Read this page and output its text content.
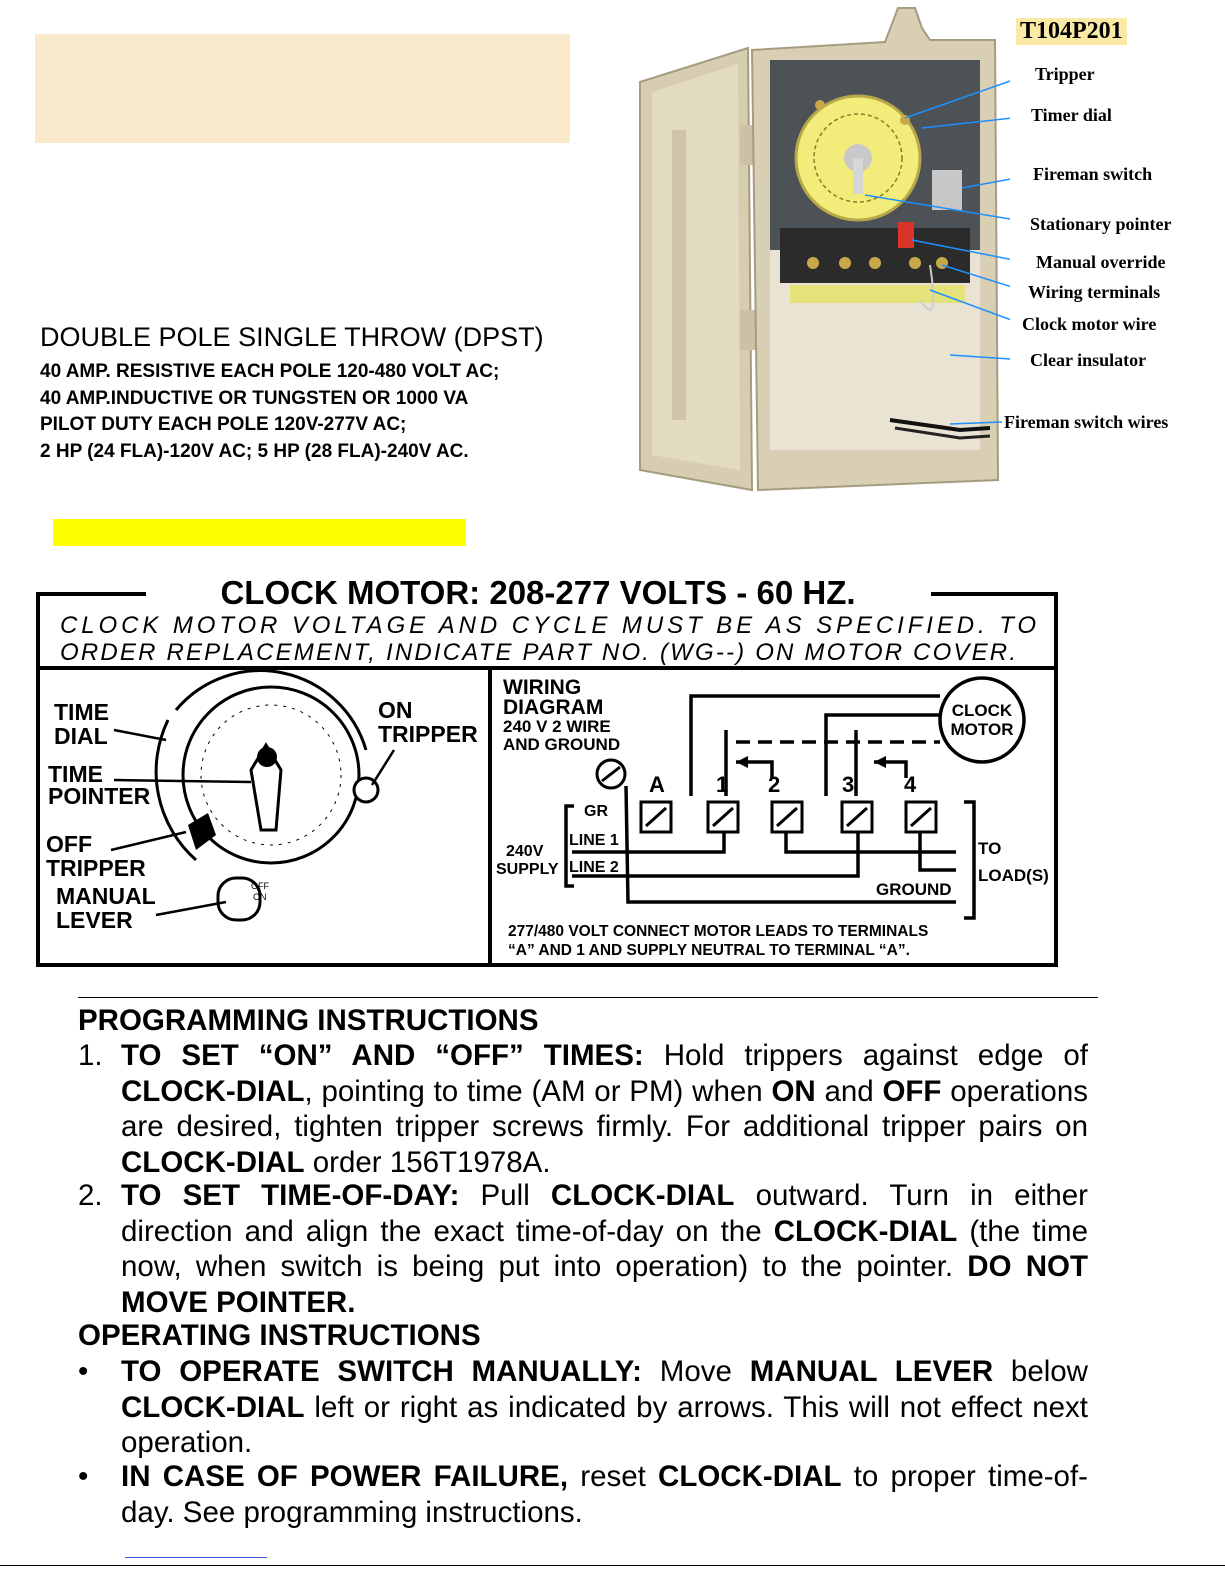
DOUBLE POLE SINGLE THROW (DPST)
40 AMP. RESISTIVE EACH POLE 120-480 VOLT AC;
40 AMP.INDUCTIVE OR TUNGSTEN OR 1000 VA
PILOT DUTY EACH POLE 120V-277V AC;
2 HP (24 FLA)-120V AC; 5 HP (28 FLA)-240V AC.
T104P201
Tripper
Timer dial
Fireman switch
Stationary pointer
Manual override
Wiring terminals
Clock motor wire
Clear insulator
Fireman switch wires
CLOCK MOTOR: 208-277 VOLTS - 60 HZ.
CLOCK MOTOR VOLTAGE AND CYCLE MUST BE AS SPECIFIED. TO
ORDER REPLACEMENT, INDICATE PART NO. (WG--) ON MOTOR COVER.
OFF
ON
TIME
DIAL
TIME
POINTER
OFF
TRIPPER
MANUAL
LEVER
ON
TRIPPER
WIRING
DIAGRAM
240 V 2 WIRE
AND GROUND
A 1 2	3 4
CLOCK
MOTOR
GR
LINE 1
LINE 2
240V
SUPPLY
GROUND
TO
LOAD(S)
277/480 VOLT CONNECT MOTOR LEADS TO TERMINALS
“A” AND 1 AND SUPPLY NEUTRAL TO TERMINAL “A”.
PROGRAMMING INSTRUCTIONS
1. TO SET “ON” AND “OFF” TIMES: Hold trippers against edge of CLOCK-DIAL, pointing to time (AM or PM) when ON and OFF operations are desired, tighten tripper screws firmly. For additional tripper pairs on CLOCK-DIAL order 156T1978A.
2. TO SET TIME-OF-DAY: Pull CLOCK-DIAL outward. Turn in either direction and align the exact time-of-day on the CLOCK-DIAL (the time now, when switch is being put into operation) to the pointer. DO NOT MOVE POINTER.
OPERATING INSTRUCTIONS
• TO OPERATE SWITCH MANUALLY: Move MANUAL LEVER below CLOCK-DIAL left or right as indicated by arrows. This will not effect next operation.
• IN CASE OF POWER FAILURE, reset CLOCK-DIAL to proper time-of-day. See programming instructions.
